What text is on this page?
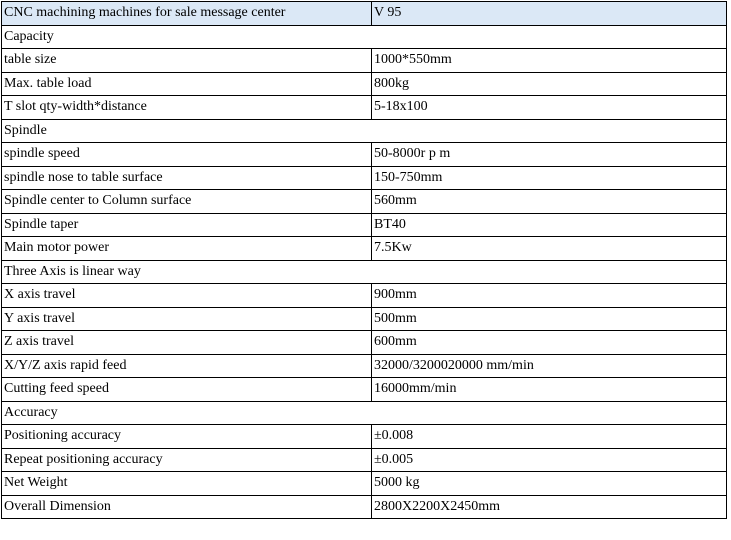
CNC machining machines for sale message center	V 95
Capacity	
table size	1000*550mm
Max. table load	800kg
T slot qty-width*distance	5-18x100
Spindle	
spindle speed	50-8000r p m
spindle nose to table surface	150-750mm
Spindle center to Column surface	560mm
Spindle taper	BT40
Main motor power	7.5Kw
Three Axis is linear way	
X axis travel	900mm
Y axis travel	500mm
Z axis travel	600mm
X/Y/Z axis rapid feed	32000/3200020000 mm/min
Cutting feed speed	16000mm/min
Accuracy	
Positioning accuracy	±0.008
Repeat positioning accuracy	±0.005
Net Weight	5000 kg
Overall Dimension	2800X2200X2450mm
